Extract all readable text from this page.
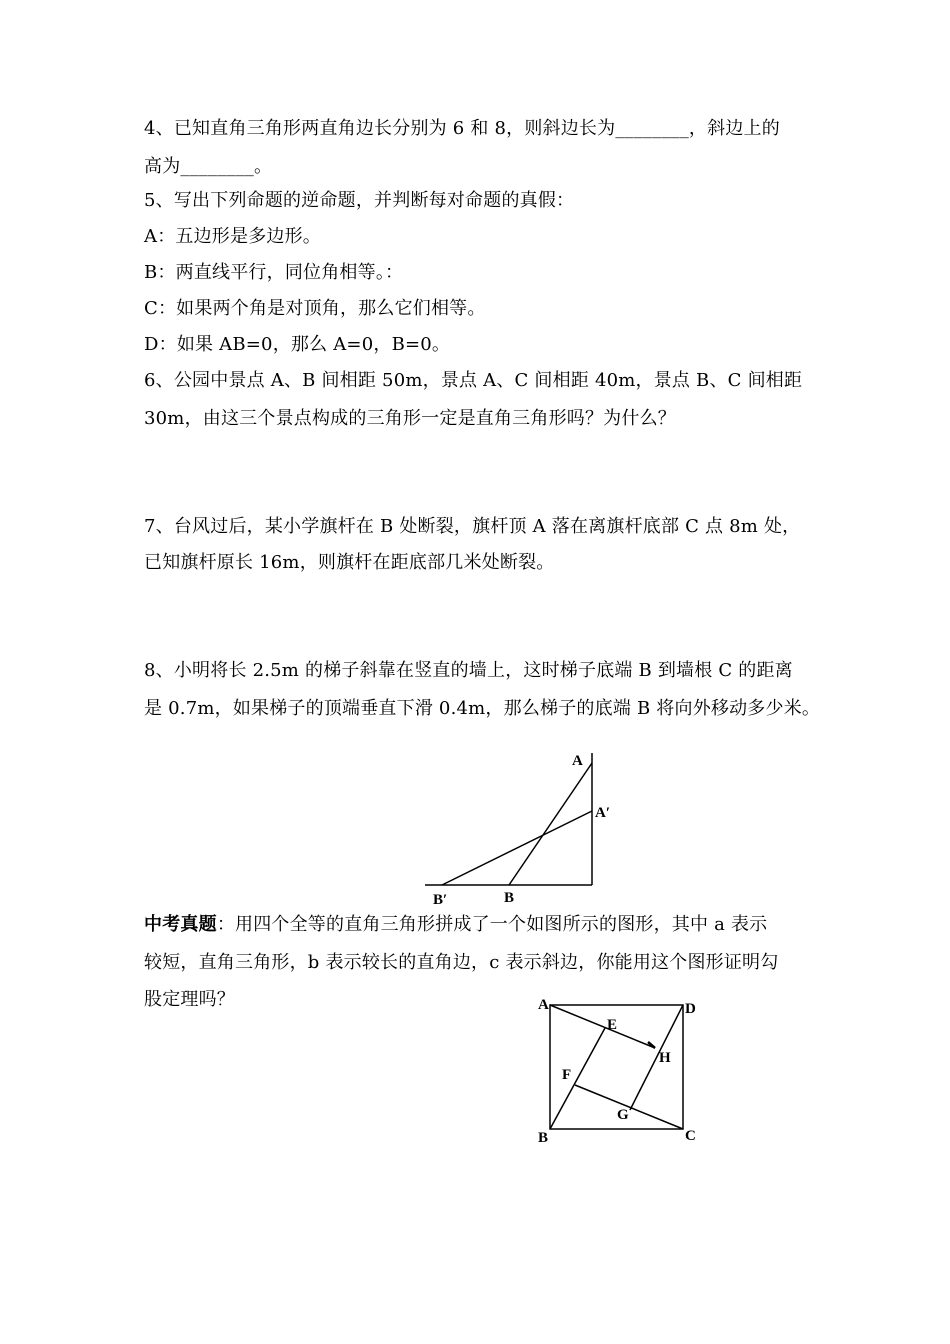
4、已知直角三角形两直角边长分别为 6 和 8，则斜边长为________，斜边上的
高为________。
5、写出下列命题的逆命题，并判断每对命题的真假：
A：五边形是多边形。
B：两直线平行，同位角相等。：
C：如果两个角是对顶角，那么它们相等。
D：如果 AB=0，那么 A=0，B=0。
6、公园中景点 A、B 间相距 50m，景点 A、C 间相距 40m，景点 B、C 间相距
30m，由这三个景点构成的三角形一定是直角三角形吗？为什么？
7、台风过后，某小学旗杆在 B 处断裂，旗杆顶 A 落在离旗杆底部 C 点 8m 处，
已知旗杆原长 16m，则旗杆在距底部几米处断裂。
8、小明将长 2.5m 的梯子斜靠在竖直的墙上，这时梯子底端 B 到墙根 C 的距离
是 0.7m，如果梯子的顶端垂直下滑 0.4m，那么梯子的底端 B 将向外移动多少米。
A
A′
B
B′
中考真题：用四个全等的直角三角形拼成了一个如图所示的图形，其中 a 表示
较短，直角三角形，b 表示较长的直角边，c 表示斜边，你能用这个图形证明勾
股定理吗？	A	D
B	C
E
F
G
H
